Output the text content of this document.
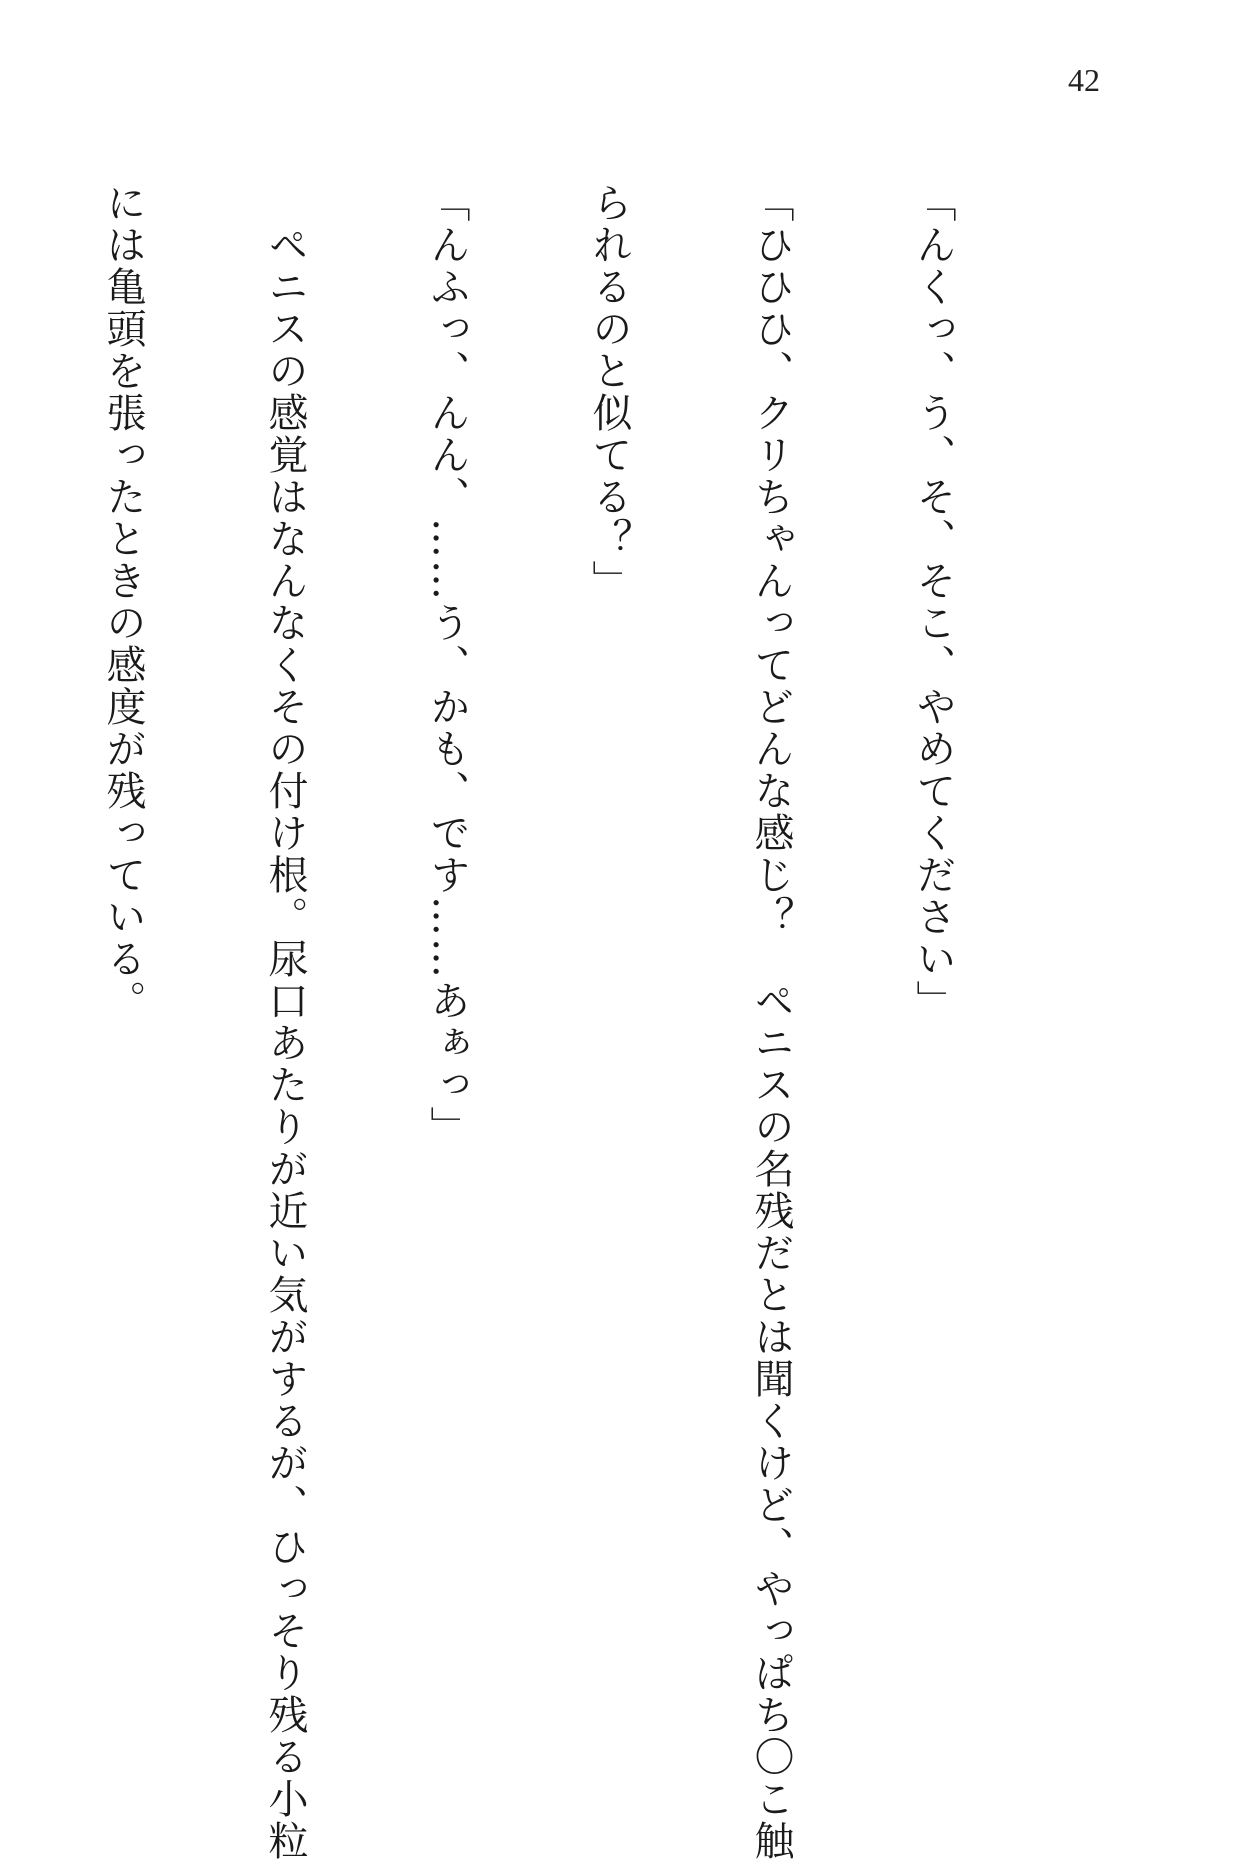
42

「んくっ、う、そ、そこ、やめてください」

「ひひひ、クリちゃんってどんな感じ？　ペニスの名残だとは聞くけど、やっぱち〇こ触

られるのと似てる？」

「んふっ、んん、……う、かも、です……あぁっ」

　ペニスの感覚はなんなくその付け根。尿口あたりが近い気がするが、ひっそり残る小粒

には亀頭を張ったときの感度が残っている。
